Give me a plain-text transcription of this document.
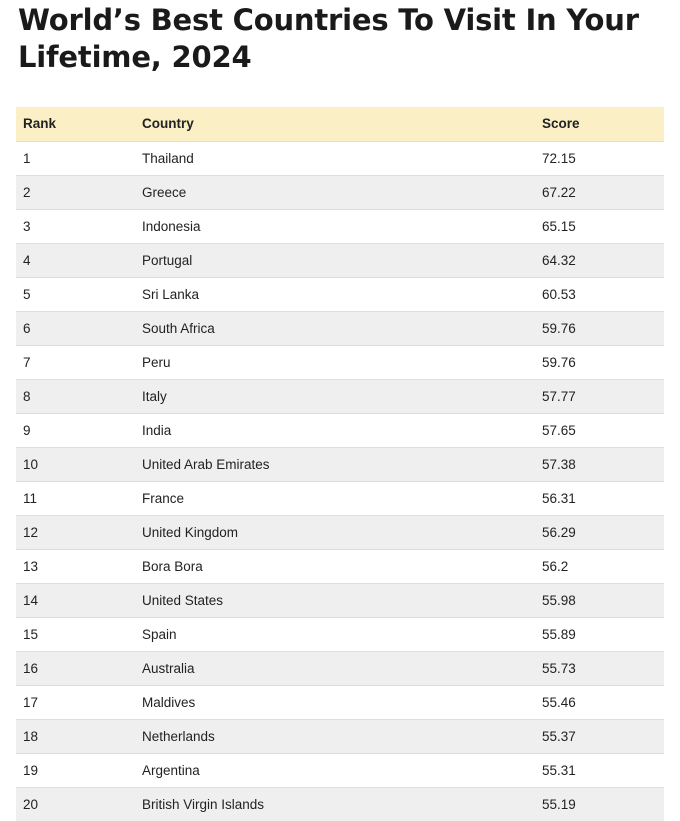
World’s Best Countries To Visit In Your Lifetime, 2024
Rank	Country	Score
1	Thailand	72.15
2	Greece	67.22
3	Indonesia	65.15
4	Portugal	64.32
5	Sri Lanka	60.53
6	South Africa	59.76
7	Peru	59.76
8	Italy	57.77
9	India	57.65
10	United Arab Emirates	57.38
11	France	56.31
12	United Kingdom	56.29
13	Bora Bora	56.2
14	United States	55.98
15	Spain	55.89
16	Australia	55.73
17	Maldives	55.46
18	Netherlands	55.37
19	Argentina	55.31
20	British Virgin Islands	55.19
